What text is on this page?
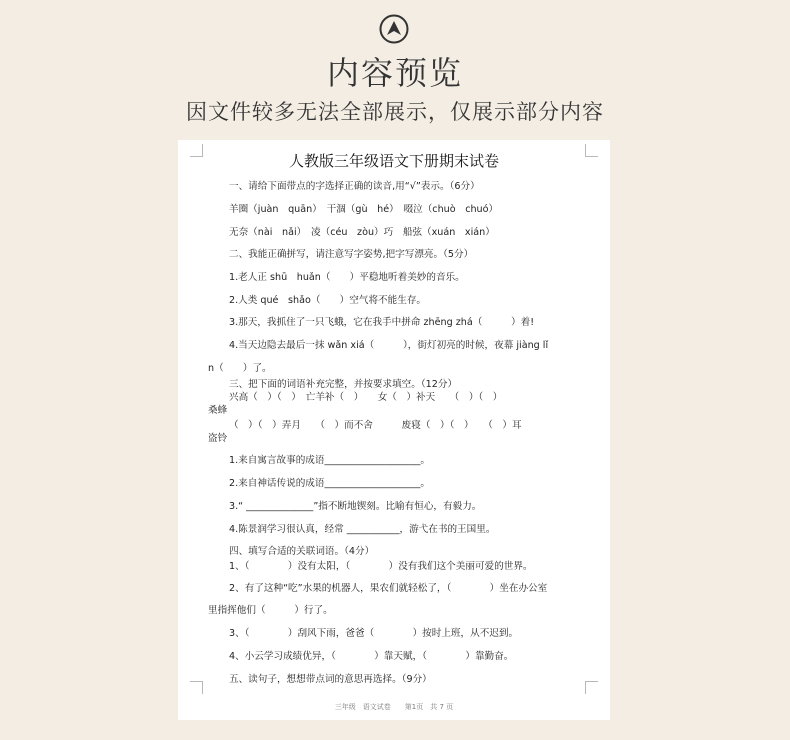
内容预览
因文件较多无法全部展示，仅展示部分内容
人教版三年级语文下册期末试卷
一、请给下面带点的字选择正确的读音,用“√”表示。（6分）
羊圈（juàn　quān）　干涸（gù　hé）　啜泣（chuò　chuó）
无奈（nài　nǎi）　凌（céu　zòu）巧　船弦（xuán　xián）
二、我能正确拼写，请注意写字姿势,把字写漂亮。（5分）
1.老人正 shū　huǎn（　　）平稳地听着美妙的音乐。
2.人类 qué　shǎo（　　）空气将不能生存。
3.那天，我抓住了一只飞蛾，它在我手中拼命 zhēng zhá（　　　）着!
4.当天边隐去最后一抹 wǎn xiá（　　　），街灯初亮的时候，夜幕 jiàng lǐ
n（　　）了。
三、把下面的词语补充完整，并按要求填空。（12分）
兴高（　）（　）　亡羊补（　）　　女（　）补天　　（　）（　）
桑蜂
（　）（　）弄月　　（　）而不舍　　　废寝（　）（　）　　（　）耳
盗铃
1.来自寓言故事的成语____________________。
2.来自神话传说的成语____________________。
3.“ ______________”指不断地锲刻。比喻有恒心，有毅力。
4.陈景润学习很认真，经常 ___________，游弋在书的王国里。
四、填写合适的关联词语。（4分）
1、（　　　　）没有太阳，（　　　　）没有我们这个美丽可爱的世界。
2、有了这种“吃”水果的机器人，果农们就轻松了，（　　　　）坐在办公室
里指挥他们（　　　）行了。
3、（　　　　）刮风下雨，爸爸（　　　　）按时上班，从不迟到。
4、小云学习成绩优异，（　　　　）靠天赋，（　　　　）靠勤奋。
五、读句子，想想带点词的意思再选择。（9分）
三年级　语文试卷　　第1页　共 7 页
